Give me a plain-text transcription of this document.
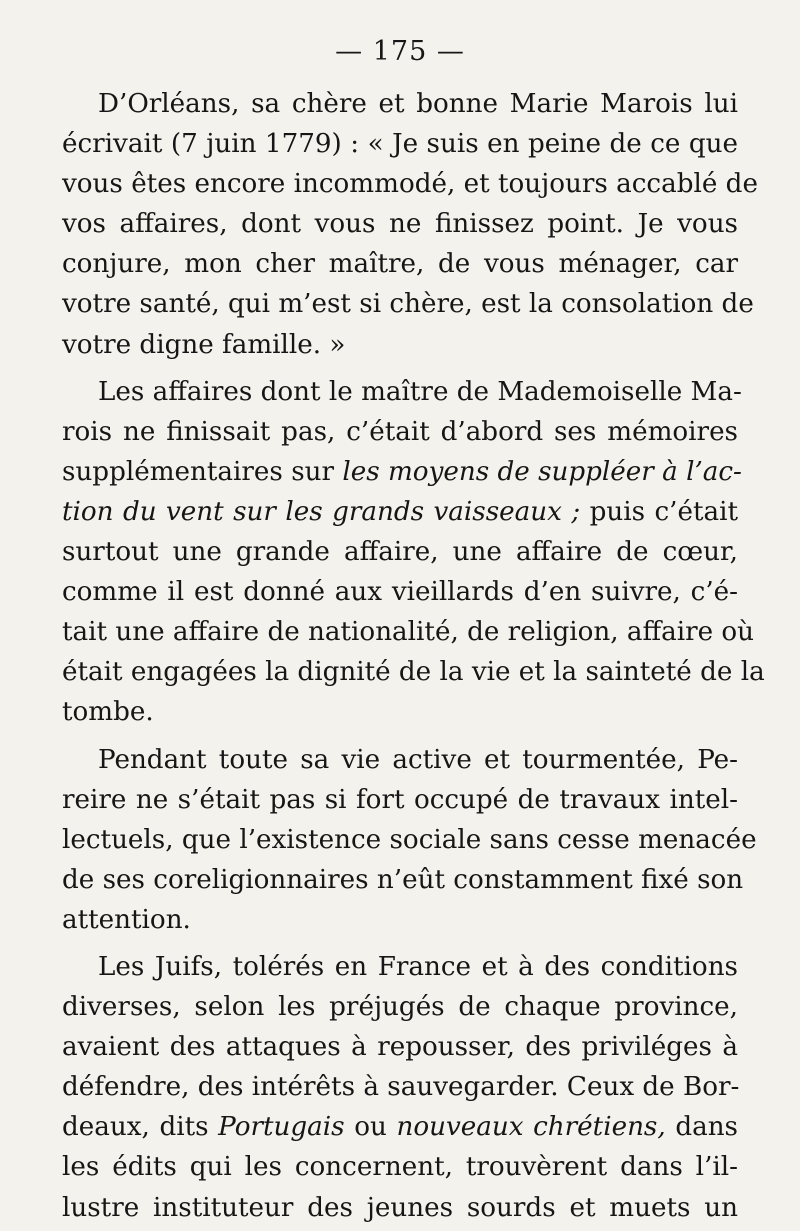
— 175 —
D’Orléans, sa chère et bonne Marie Marois lui
écrivait (7 juin 1779) : « Je suis en peine de ce que
vous êtes encore incommodé, et toujours accablé de
vos affaires, dont vous ne finissez point. Je vous
conjure, mon cher maître, de vous ménager, car
votre santé, qui m’est si chère, est la consolation de
votre digne famille. »
Les affaires dont le maître de Mademoiselle Ma-
rois ne finissait pas, c’était d’abord ses mémoires
supplémentaires sur les moyens de suppléer à l’ac-
tion du vent sur les grands vaisseaux ; puis c’était
surtout une grande affaire, une affaire de cœur,
comme il est donné aux vieillards d’en suivre, c’é-
tait une affaire de nationalité, de religion, affaire où
était engagées la dignité de la vie et la sainteté de la
tombe.
Pendant toute sa vie active et tourmentée, Pe-
reire ne s’était pas si fort occupé de travaux intel-
lectuels, que l’existence sociale sans cesse menacée
de ses coreligionnaires n’eût constamment fixé son
attention.
Les Juifs, tolérés en France et à des conditions
diverses, selon les préjugés de chaque province,
avaient des attaques à repousser, des priviléges à
défendre, des intérêts à sauvegarder. Ceux de Bor-
deaux, dits Portugais ou nouveaux chrétiens, dans
les édits qui les concernent, trouvèrent dans l’il-
lustre instituteur des jeunes sourds et muets un
